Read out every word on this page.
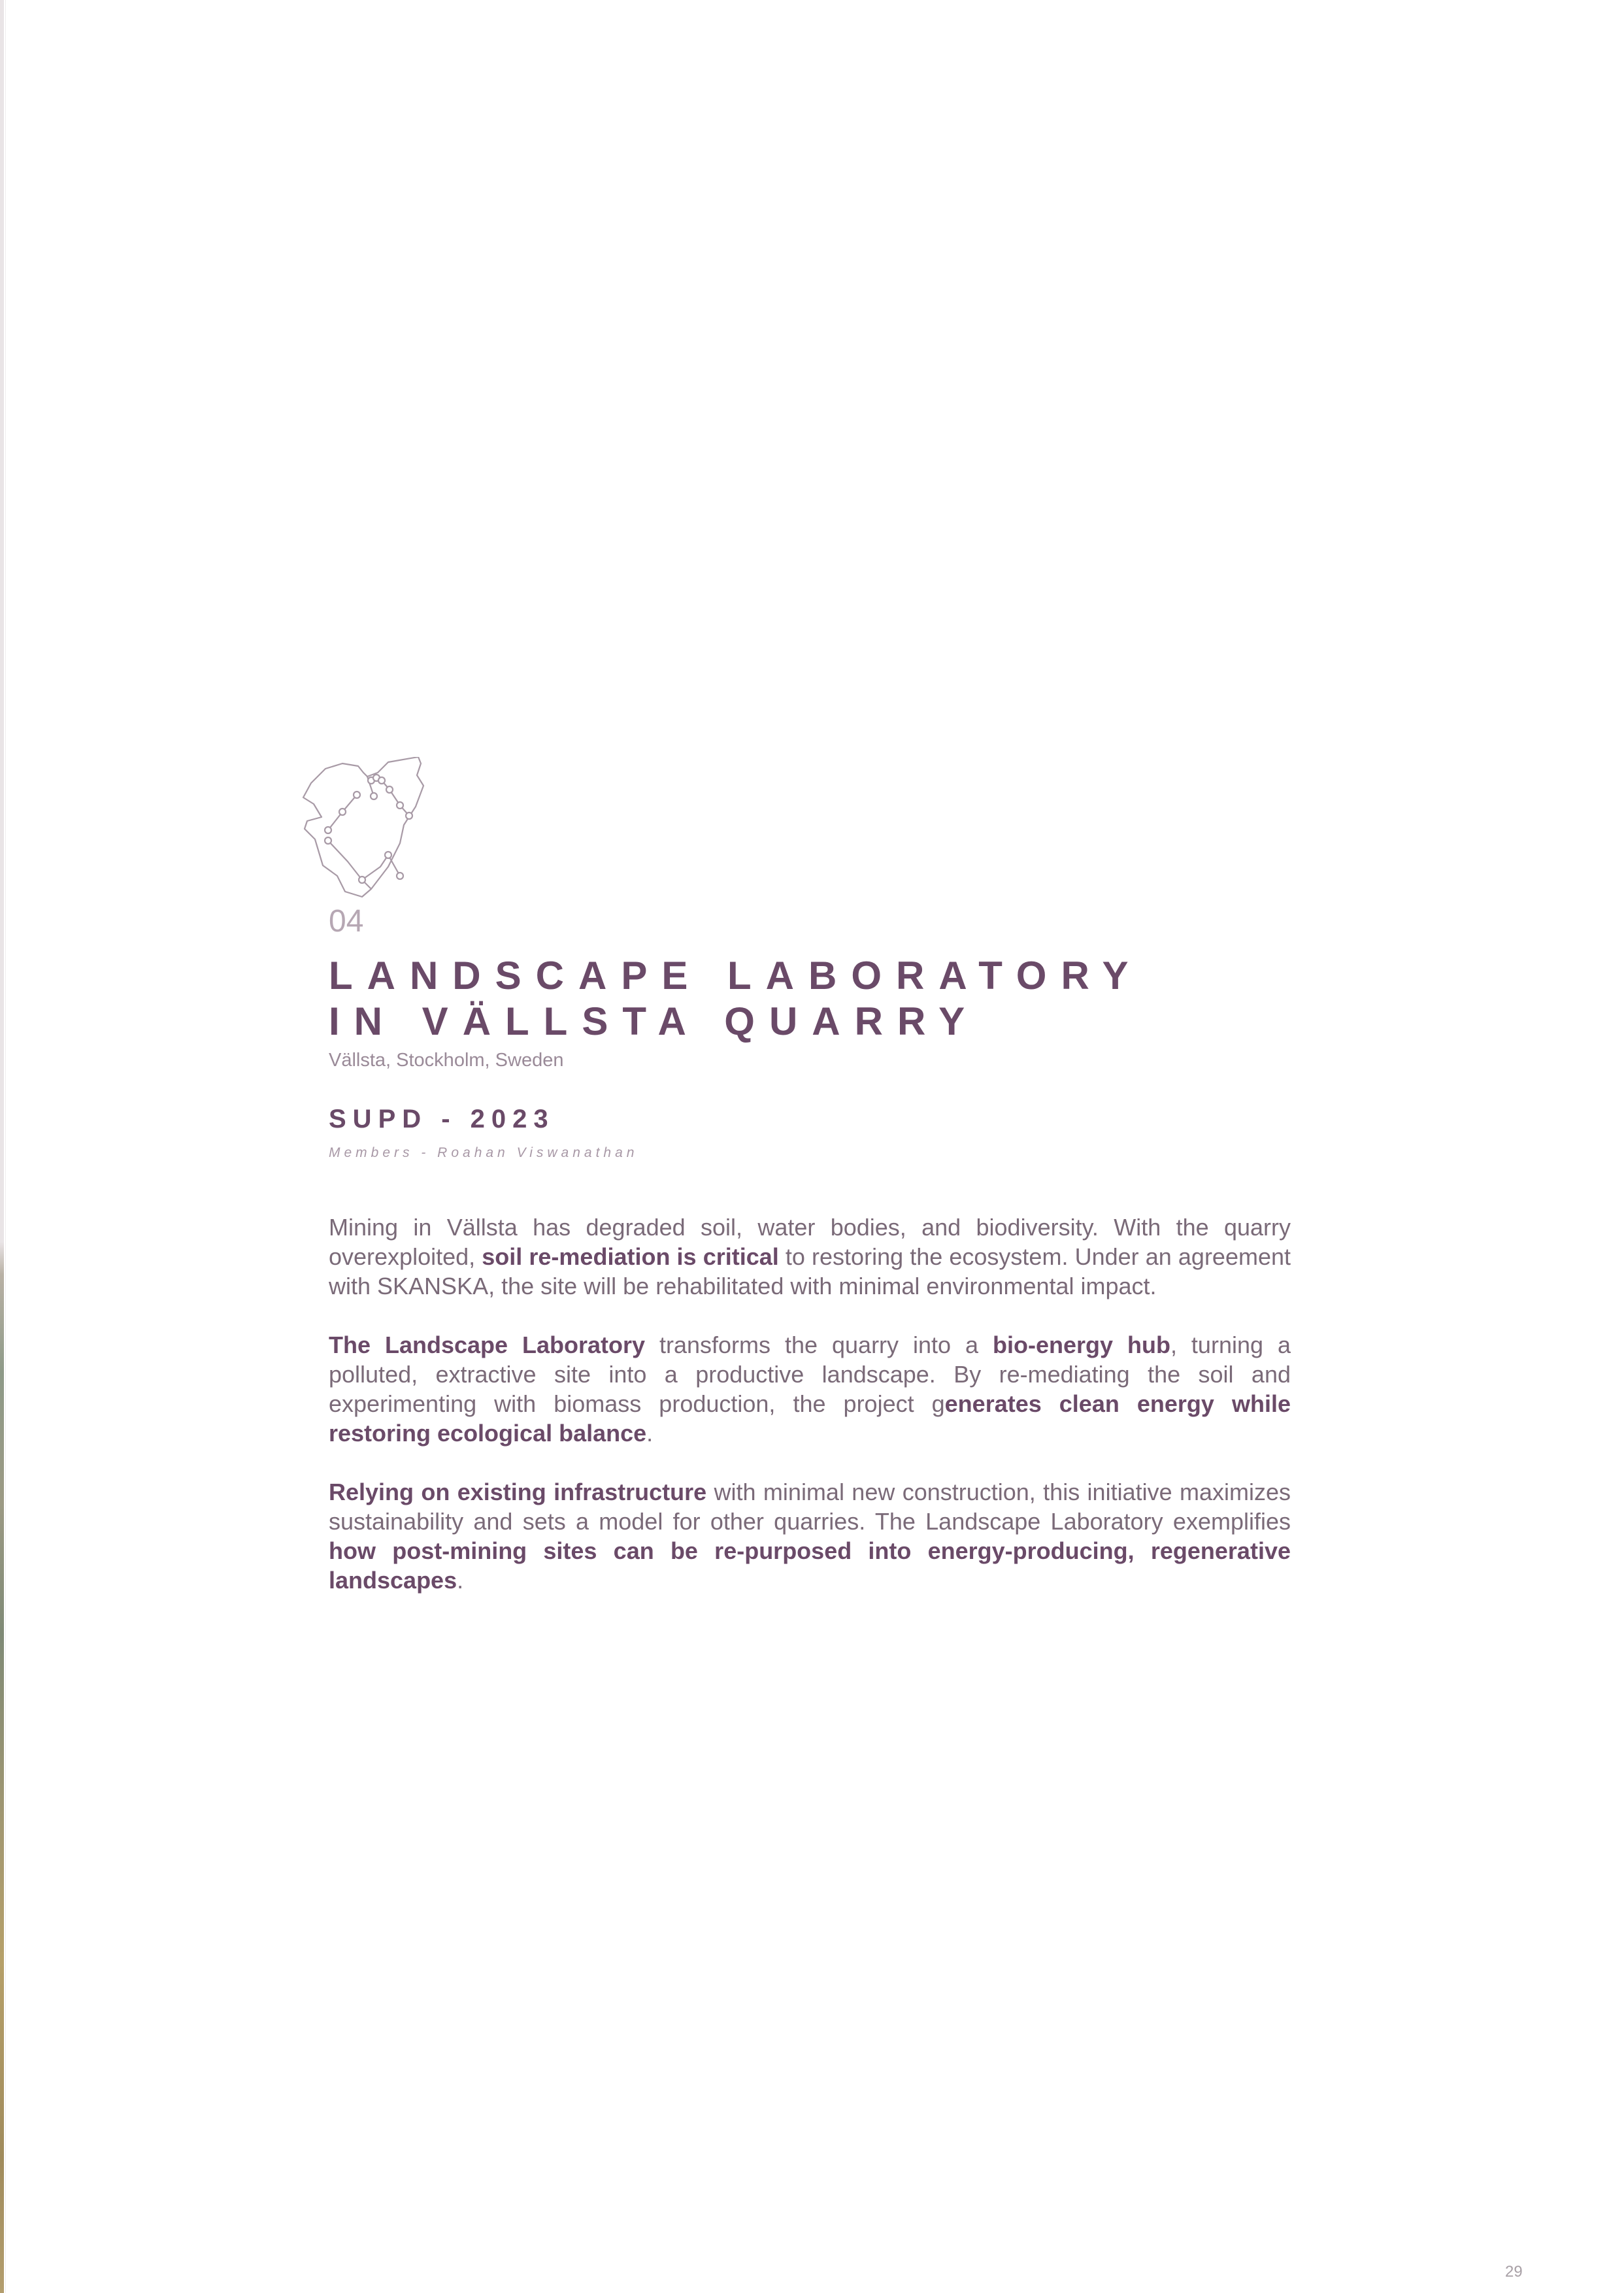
04
LANDSCAPE LABORATORY
IN VÄLLSTA QUARRY
Vällsta, Stockholm, Sweden
SUPD - 2023
Members - Roahan Viswanathan

Mining in Vällsta has degraded soil, water bodies, and biodiversity. With the quarry overexploited, soil re-mediation is critical to restoring the ecosystem. Under an agreement with SKANSKA, the site will be rehabilitated with minimal environmental impact.

The Landscape Laboratory transforms the quarry into a bio-energy hub, turning a polluted, extractive site into a productive landscape. By re-mediating the soil and experimenting with biomass production, the project generates clean energy while restoring ecological balance.

Relying on existing infrastructure with minimal new construction, this initiative maximizes sustainability and sets a model for other quarries. The Landscape Laboratory exemplifies how post-mining sites can be re-purposed into energy-producing, regenerative landscapes.

29
